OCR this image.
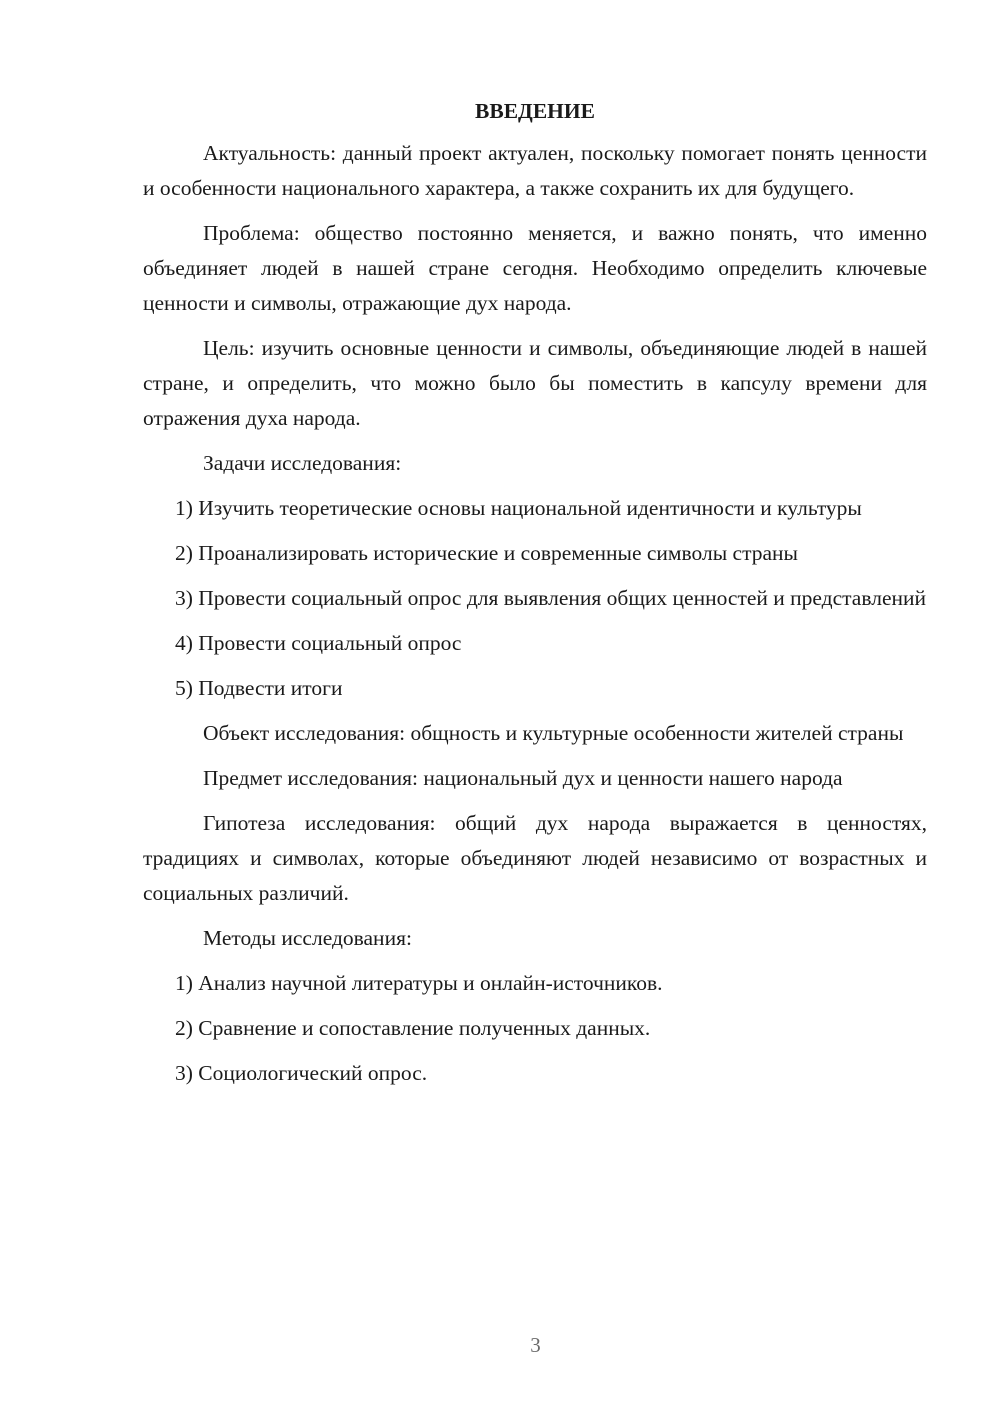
ВВЕДЕНИЕ

Актуальность: данный проект актуален, поскольку помогает понять ценности и особенности национального характера, а также сохранить их для будущего.

Проблема: общество постоянно меняется, и важно понять, что именно объединяет людей в нашей стране сегодня. Необходимо определить ключевые ценности и символы, отражающие дух народа.

Цель: изучить основные ценности и символы, объединяющие людей в нашей стране, и определить, что можно было бы поместить в капсулу времени для отражения духа народа.

Задачи исследования:

1) Изучить теоретические основы национальной идентичности и культуры

2) Проанализировать исторические и современные символы страны

3) Провести социальный опрос для выявления общих ценностей и представлений

4) Провести социальный опрос

5) Подвести итоги

Объект исследования: общность и культурные особенности жителей страны

Предмет исследования: национальный дух и ценности нашего народа

Гипотеза исследования: общий дух народа выражается в ценностях, традициях и символах, которые объединяют людей независимо от возрастных и социальных различий.

Методы исследования:

1) Анализ научной литературы и онлайн-источников.

2) Сравнение и сопоставление полученных данных.

3) Социологический опрос.

3
